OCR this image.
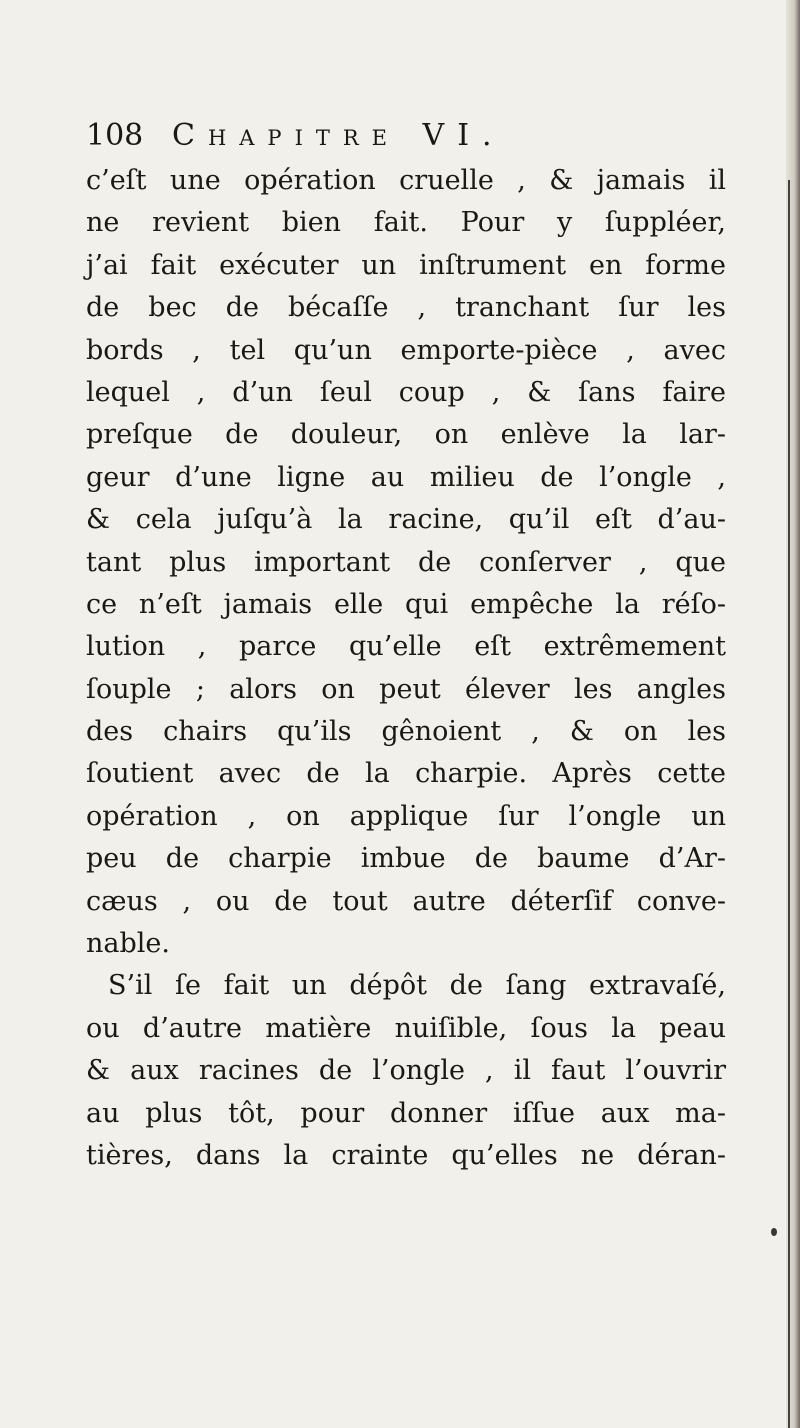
108 Chapitre VI.
c’eſt une opération cruelle , & jamais il
ne revient bien fait. Pour y ſuppléer,
j’ai fait exécuter un inſtrument en forme
de bec de bécaſſe , tranchant ſur les
bords , tel qu’un emporte-pièce , avec
lequel , d’un ſeul coup , & ſans faire
preſque de douleur, on enlève la lar-
geur d’une ligne au milieu de l’ongle ,
& cela juſqu’à la racine, qu’il eſt d’au-
tant plus important de conſerver , que
ce n’eſt jamais elle qui empêche la réſo-
lution , parce qu’elle eſt extrêmement
ſouple ; alors on peut élever les angles
des chairs qu’ils gênoient , & on les
ſoutient avec de la charpie. Après cette
opération , on applique ſur l’ongle un
peu de charpie imbue de baume d’Ar-
cæus , ou de tout autre déterſif conve-
nable.
S’il ſe fait un dépôt de ſang extravaſé,
ou d’autre matière nuiſible, ſous la peau
& aux racines de l’ongle , il faut l’ouvrir
au plus tôt, pour donner iſſue aux ma-
tières, dans la crainte qu’elles ne déran-
